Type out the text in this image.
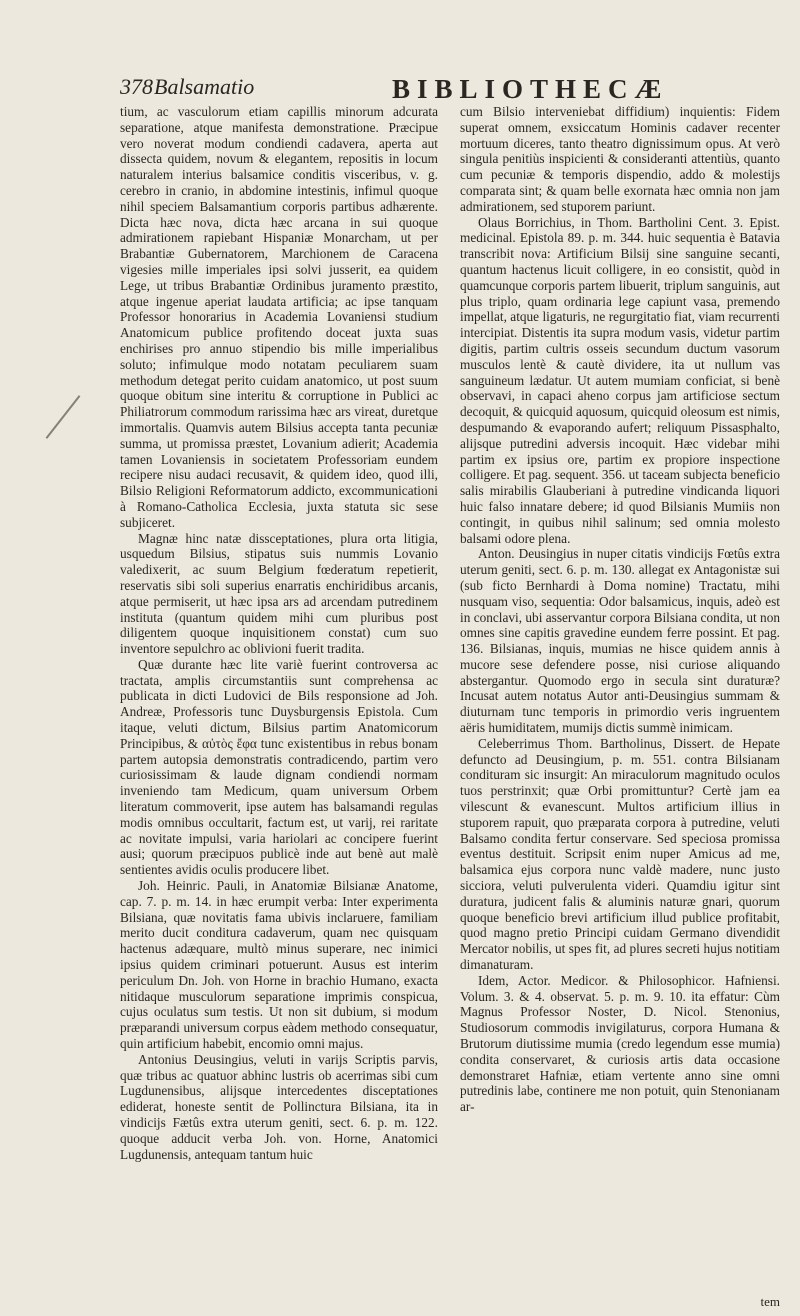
378 Balsamatio	BIBLIOTHECÆ

tium, ac vasculorum etiam capillis minorum adcurata separatione, atque manifesta demonstratione. Præcipue vero noverat modum condiendi cadavera, aperta aut dissecta quidem, novum & elegantem, repositis in locum naturalem interius balsamice conditis visceribus, v. g. cerebro in cranio, in abdomine intestinis, infimul quoque nihil speciem Balsamantium corporis partibus adhærente. Dicta hæc nova, dicta hæc arcana in sui quoque admirationem rapiebant Hispaniæ Monarcham, ut per Brabantiæ Gubernatorem, Marchionem de Caracena vigesies mille imperiales ipsi solvi jusserit, ea quidem Lege, ut tribus Brabantiæ Ordinibus juramento præstito, atque ingenue aperiat laudata artificia; ac ipse tanquam Professor honorarius in Academia Lovaniensi studium Anatomicum publice profitendo doceat juxta suas enchirises pro annuo stipendio bis mille imperialibus soluto; infimulque modo notatam peculiarem suam methodum detegat perito cuidam anatomico, ut post suum quoque obitum sine interitu & corruptione in Publici ac Philiatrorum commodum rarissima hæc ars vireat, duretque immortalis. Quamvis autem Bilsius accepta tanta pecuniæ summa, ut promissa præstet, Lovanium adierit; Academia tamen Lovaniensis in societatem Professoriam eundem recipere nisu audaci recusavit, & quidem ideo, quod illi, Bilsio Religioni Reformatorum addicto, excommunicationi à Romano-Catholica Ecclesia, juxta statuta sic sese subjiceret.

Magnæ hinc natæ dissceptationes, plura orta litigia, usquedum Bilsius, stipatus suis nummis Lovanio valedixerit, ac suum Belgium fœderatum repetierit, reservatis sibi soli superius enarratis enchiridibus arcanis, atque permiserit, ut hæc ipsa ars ad arcendam putredinem instituta (quantum quidem mihi cum pluribus post diligentem quoque inquisitionem constat) cum suo inventore sepulchro ac oblivioni fuerit tradita.

Quæ durante hæc lite variè fuerint controversa ac tractata, amplis circumstantiis sunt comprehensa ac publicata in dicti Ludovici de Bils responsione ad Joh. Andreæ, Professoris tunc Duysburgensis Epistola. Cum itaque, veluti dictum, Bilsius partim Anatomicorum Principibus, & αὐτὸς ἔφα tunc existentibus in rebus bonam partem autopsia demonstratis contradicendo, partim vero curiosissimam & laude dignam condiendi normam inveniendo tam Medicum, quam universum Orbem literatum commoverit, ipse autem has balsamandi regulas modis omnibus occultarit, factum est, ut varij, rei raritate ac novitate impulsi, varia hariolari ac concipere fuerint ausi; quorum præcipuos publicè inde aut benè aut malè sentientes avidis oculis producere libet.

Joh. Heinric. Pauli, in Anatomiæ Bilsianæ Anatome, cap. 7. p. m. 14. in hæc erumpit verba: Inter experimenta Bilsiana, quæ novitatis fama ubivis inclaruere, familiam merito ducit conditura cadaverum, quam nec quisquam hactenus adæquare, multò minus superare, nec inimici ipsius quidem criminari potuerunt. Ausus est interim periculum Dn. Joh. von Horne in brachio Humano, exacta nitidaque musculorum separatione imprimis conspicua, cujus oculatus sum testis. Ut non sit dubium, si modum præparandi universum corpus eàdem methodo consequatur, quin artificium habebit, encomio omni majus.

Antonius Deusingius, veluti in varijs Scriptis parvis, quæ tribus ac quatuor abhinc lustris ob acerrimas sibi cum Lugdunensibus, alijsque intercedentes disceptationes ediderat, honeste sentit de Pollinctura Bilsiana, ita in vindicijs Fætûs extra uterum geniti, sect. 6. p. m. 122. quoque adducit verba Joh. von. Horne, Anatomici Lugdunensis, antequam tantum huic

cum Bilsio interveniebat diffidium) inquientis: Fidem superat omnem, exsiccatum Hominis cadaver recenter mortuum diceres, tanto theatro dignissimum opus. At verò singula penitiùs inspicienti & consideranti attentiùs, quanto cum pecuniæ & temporis dispendio, addo & molestijs comparata sint; & quam belle exornata hæc omnia non jam admirationem, sed stuporem pariunt.

Olaus Borrichius, in Thom. Bartholini Cent. 3. Epist. medicinal. Epistola 89. p. m. 344. huic sequentia è Batavia transcribit nova: Artificium Bilsij sine sanguine secanti, quantum hactenus licuit colligere, in eo consistit, quòd in quamcunque corporis partem libuerit, triplum sanguinis, aut plus triplo, quam ordinaria lege capiunt vasa, premendo impellat, atque ligaturis, ne regurgitatio fiat, viam recurrenti intercipiat. Distentis ita supra modum vasis, videtur partim digitis, partim cultris osseis secundum ductum vasorum musculos lentè & cautè dividere, ita ut nullum vas sanguineum lædatur. Ut autem mumiam conficiat, si benè observavi, in capaci aheno corpus jam artificiose sectum decoquit, & quicquid aquosum, quicquid oleosum est nimis, despumando & evaporando aufert; reliquum Pissasphalto, alijsque putredini adversis incoquit. Hæc videbar mihi partim ex ipsius ore, partim ex propiore inspectione colligere. Et pag. sequent. 356. ut taceam subjecta beneficio salis mirabilis Glauberiani à putredine vindicanda liquori huic falso innatare debere; id quod Bilsianis Mumiis non contingit, in quibus nihil salinum; sed omnia molesto balsami odore plena.

Anton. Deusingius in nuper citatis vindicijs Fœtûs extra uterum geniti, sect. 6. p. m. 130. allegat ex Antagonistæ sui (sub ficto Bernhardi à Doma nomine) Tractatu, mihi nusquam viso, sequentia: Odor balsamicus, inquis, adeò est in conclavi, ubi asservantur corpora Bilsiana condita, ut non omnes sine capitis gravedine eundem ferre possint. Et pag. 136. Bilsianas, inquis, mumias ne hisce quidem annis à mucore sese defendere posse, nisi curiose aliquando abstergantur. Quomodo ergo in secula sint duraturæ? Incusat autem notatus Autor anti-Deusingius summam & diuturnam tunc temporis in primordio veris ingruentem aëris humiditatem, mumijs dictis summè inimicam.

Celeberrimus Thom. Bartholinus, Dissert. de Hepate defuncto ad Deusingium, p. m. 551. contra Bilsianam condituram sic insurgit: An miraculorum magnitudo oculos tuos perstrinxit; quæ Orbi promittuntur? Certè jam ea vilescunt & evanescunt. Multos artificium illius in stuporem rapuit, quo præparata corpora à putredine, veluti Balsamo condita fertur conservare. Sed speciosa promissa eventus destituit. Scripsit enim nuper Amicus ad me, balsamica ejus corpora nunc valdè madere, nunc justo sicciora, veluti pulverulenta videri. Quamdiu igitur sint duratura, judicent falis & aluminis naturæ gnari, quorum quoque beneficio brevi artificium illud publice profitabit, quod magno pretio Principi cuidam Germano divendidit Mercator nobilis, ut spes fit, ad plures secreti hujus notitiam dimanaturam.

Idem, Actor. Medicor. & Philosophicor. Hafniensi. Volum. 3. & 4. observat. 5. p. m. 9. 10. ita effatur: Cùm Magnus Professor Noster, D. Nicol. Stenonius, Studiosorum commodis invigilaturus, corpora Humana & Brutorum diutissime mumia (credo legendum esse mumia) condita conservaret, & curiosis artis data occasione demonstraret Hafniæ, etiam vertente anno sine omni putredinis labe, continere me non potuit, quin Stenonianam ar-

tem
